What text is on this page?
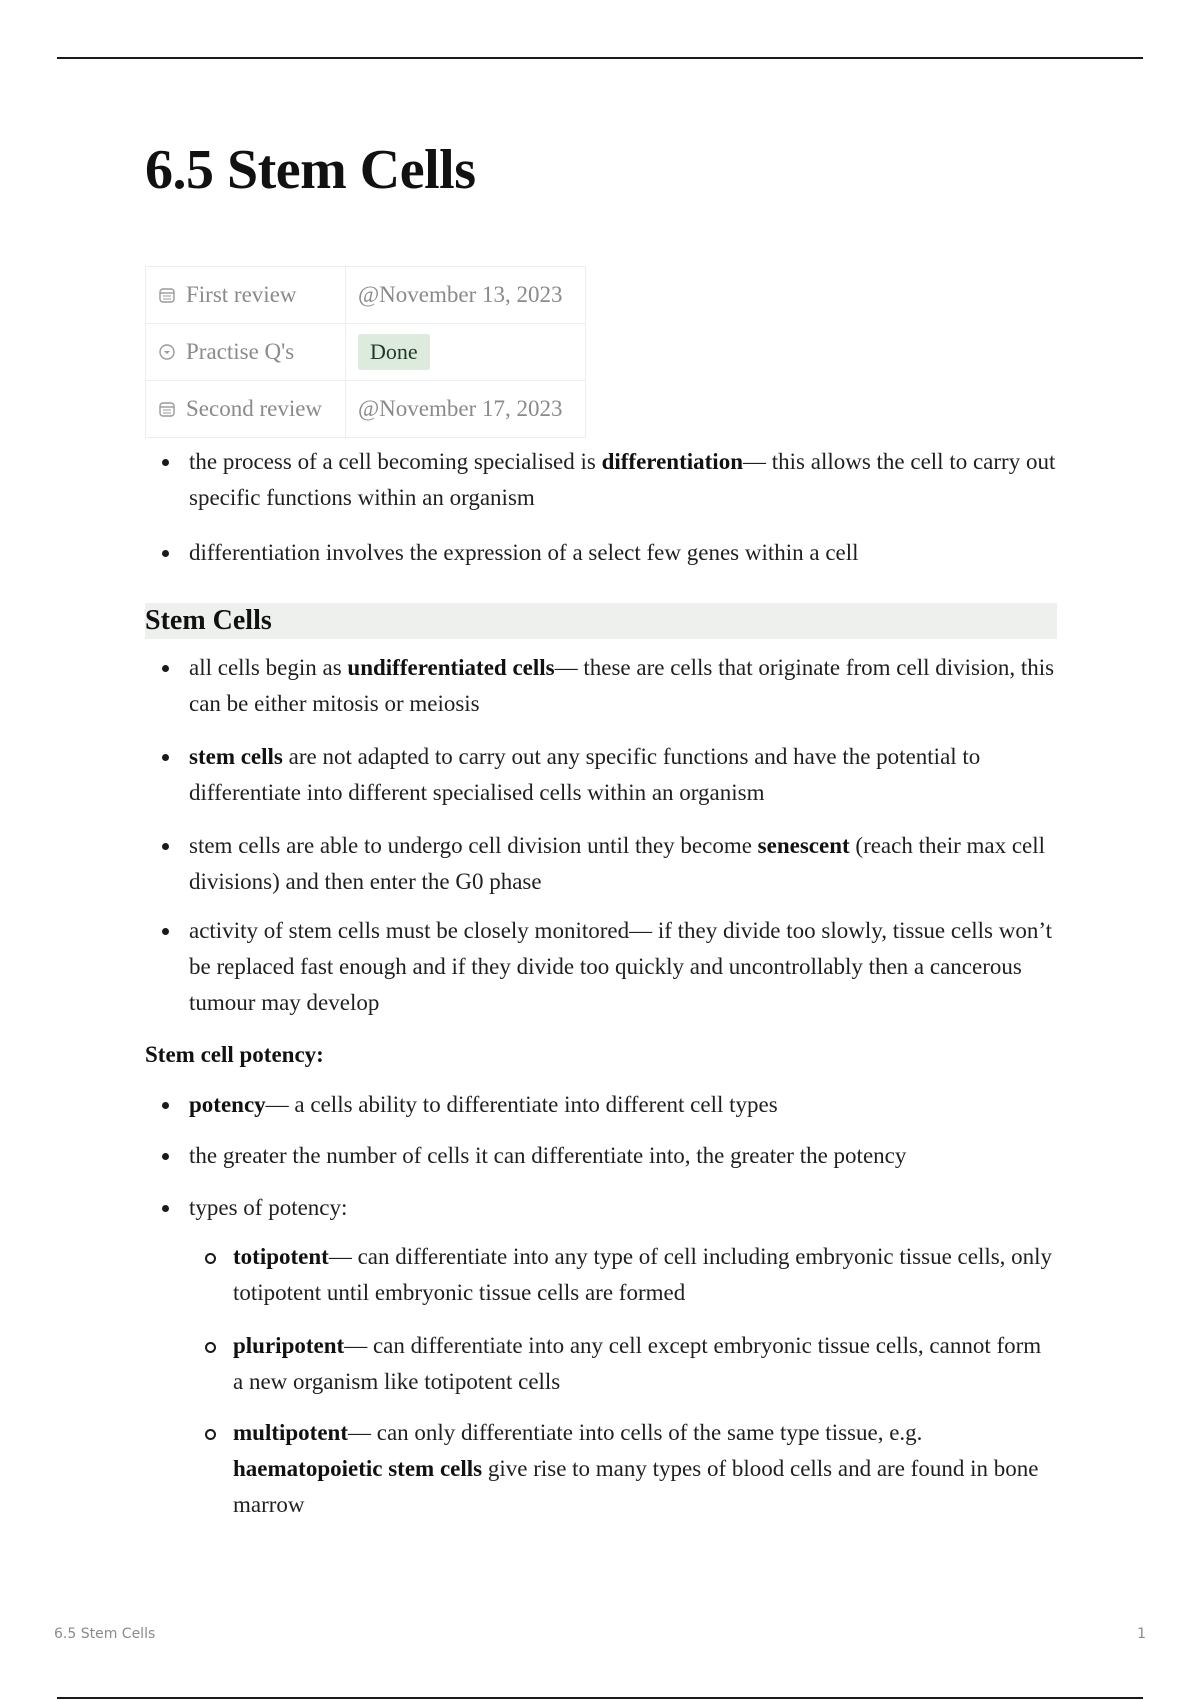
6.5 Stem Cells
First review	@November 13, 2023

Practise Q's	Done

Second review	@November 17, 2023
the process of a cell becoming specialised is differentiation— this allows the cell to carry out specific functions within an organism
differentiation involves the expression of a select few genes within a cell
Stem Cells
all cells begin as undifferentiated cells— these are cells that originate from cell division, this can be either mitosis or meiosis
stem cells are not adapted to carry out any specific functions and have the potential to differentiate into different specialised cells within an organism
stem cells are able to undergo cell division until they become senescent (reach their max cell divisions) and then enter the G0 phase
activity of stem cells must be closely monitored— if they divide too slowly, tissue cells won’t be replaced fast enough and if they divide too quickly and uncontrollably then a cancerous tumour may develop
Stem cell potency:
potency— a cells ability to differentiate into different cell types
the greater the number of cells it can differentiate into, the greater the potency
types of potency:
totipotent— can differentiate into any type of cell including embryonic tissue cells, only totipotent until embryonic tissue cells are formed
pluripotent— can differentiate into any cell except embryonic tissue cells, cannot form a new organism like totipotent cells
multipotent— can only differentiate into cells of the same type tissue, e.g. haematopoietic stem cells give rise to many types of blood cells and are found in bone marrow
6.5 Stem Cells	1
